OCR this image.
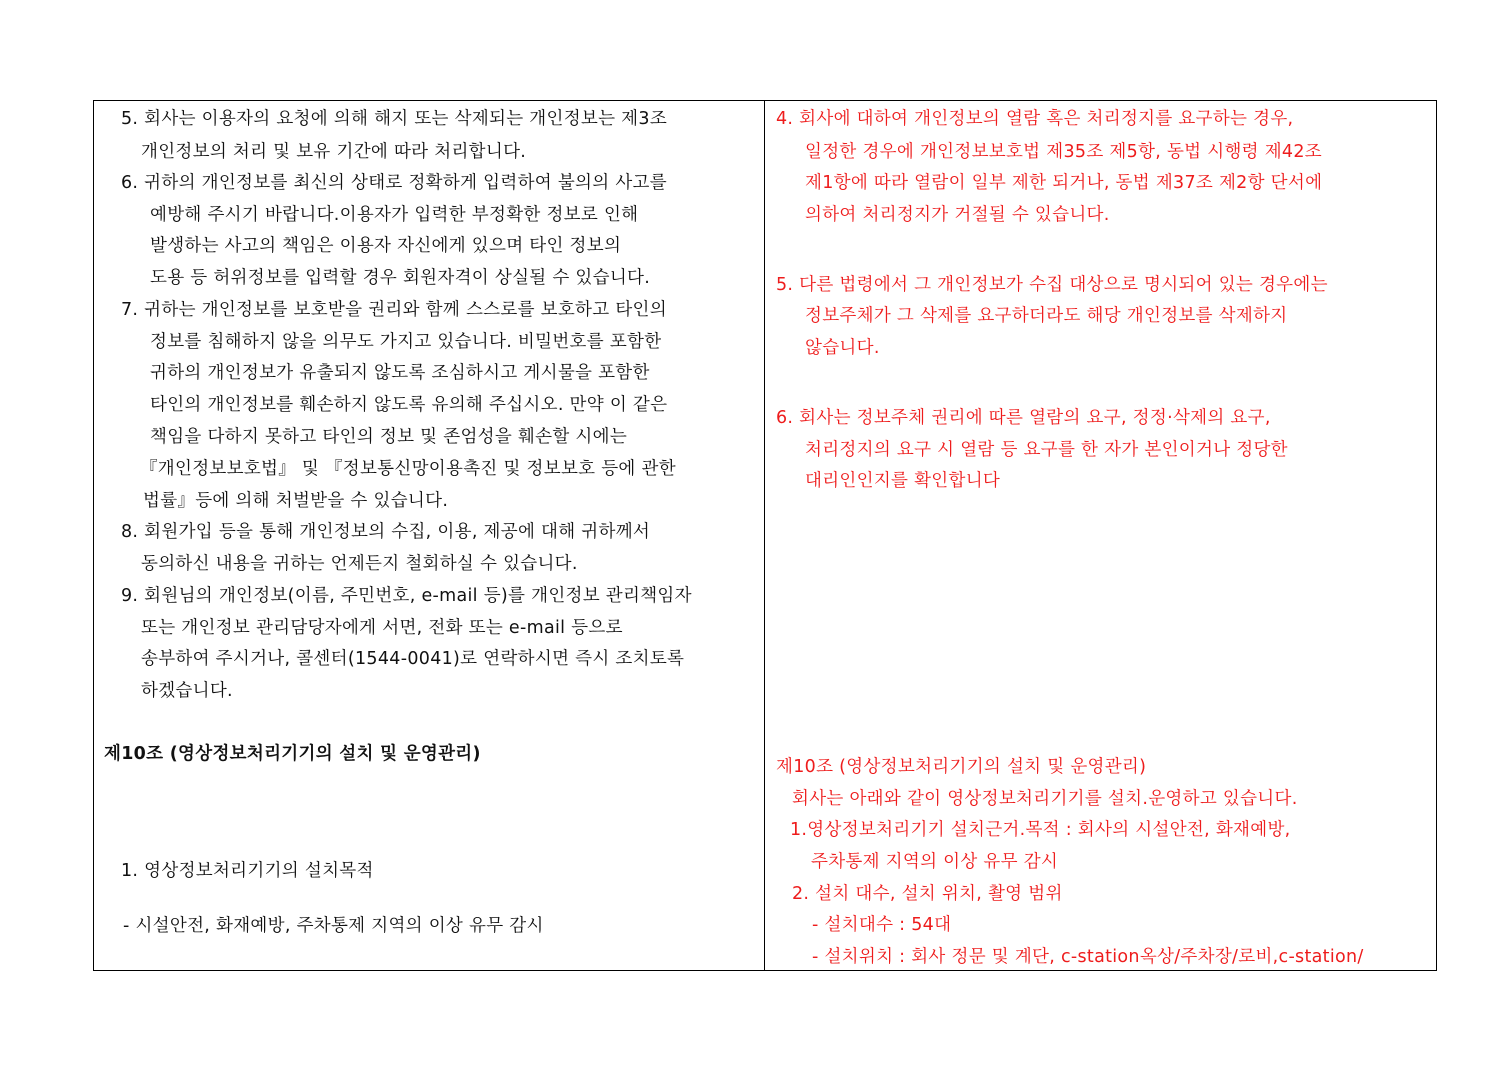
5. 회사는 이용자의 요청에 의해 해지 또는 삭제되는 개인정보는 제3조
개인정보의 처리 및 보유 기간에 따라 처리합니다.
6. 귀하의 개인정보를 최신의 상태로 정확하게 입력하여 불의의 사고를
예방해 주시기 바랍니다.이용자가 입력한 부정확한 정보로 인해
발생하는 사고의 책임은 이용자 자신에게 있으며 타인 정보의
도용 등 허위정보를 입력할 경우 회원자격이 상실될 수 있습니다.
7. 귀하는 개인정보를 보호받을 권리와 함께 스스로를 보호하고 타인의
정보를 침해하지 않을 의무도 가지고 있습니다. 비밀번호를 포함한
귀하의 개인정보가 유출되지 않도록 조심하시고 게시물을 포함한
타인의 개인정보를 훼손하지 않도록 유의해 주십시오. 만약 이 같은
책임을 다하지 못하고 타인의 정보 및 존엄성을 훼손할 시에는
『개인정보보호법』 및 『정보통신망이용촉진 및 정보보호 등에 관한
법률』등에 의해 처벌받을 수 있습니다.
8. 회원가입 등을 통해 개인정보의 수집, 이용, 제공에 대해 귀하께서
동의하신 내용을 귀하는 언제든지 철회하실 수 있습니다.
9. 회원님의 개인정보(이름, 주민번호, e-mail 등)를 개인정보 관리책임자
또는 개인정보 관리담당자에게 서면, 전화 또는 e-mail 등으로
송부하여 주시거나, 콜센터(1544-0041)로 연락하시면 즉시 조치토록
하겠습니다.
제10조 (영상정보처리기기의 설치 및 운영관리)
1. 영상정보처리기기의 설치목적
- 시설안전, 화재예방, 주차통제 지역의 이상 유무 감시
4. 회사에 대하여 개인정보의 열람 혹은 처리정지를 요구하는 경우,
일정한 경우에 개인정보보호법 제35조 제5항, 동법 시행령 제42조
제1항에 따라 열람이 일부 제한 되거나, 동법 제37조 제2항 단서에
의하여 처리정지가 거절될 수 있습니다.
5. 다른 법령에서 그 개인정보가 수집 대상으로 명시되어 있는 경우에는
정보주체가 그 삭제를 요구하더라도 해당 개인정보를 삭제하지
않습니다.
6. 회사는 정보주체 권리에 따른 열람의 요구, 정정·삭제의 요구,
처리정지의 요구 시 열람 등 요구를 한 자가 본인이거나 정당한
대리인인지를 확인합니다
제10조 (영상정보처리기기의 설치 및 운영관리)
회사는 아래와 같이 영상정보처리기기를 설치.운영하고 있습니다.
1.영상정보처리기기 설치근거.목적 : 회사의 시설안전, 화재예방,
주차통제 지역의 이상 유무 감시
2. 설치 대수, 설치 위치, 촬영 범위
- 설치대수 : 54대
- 설치위치 : 회사 정문 및 계단, c-station옥상/주차장/로비,c-station/
